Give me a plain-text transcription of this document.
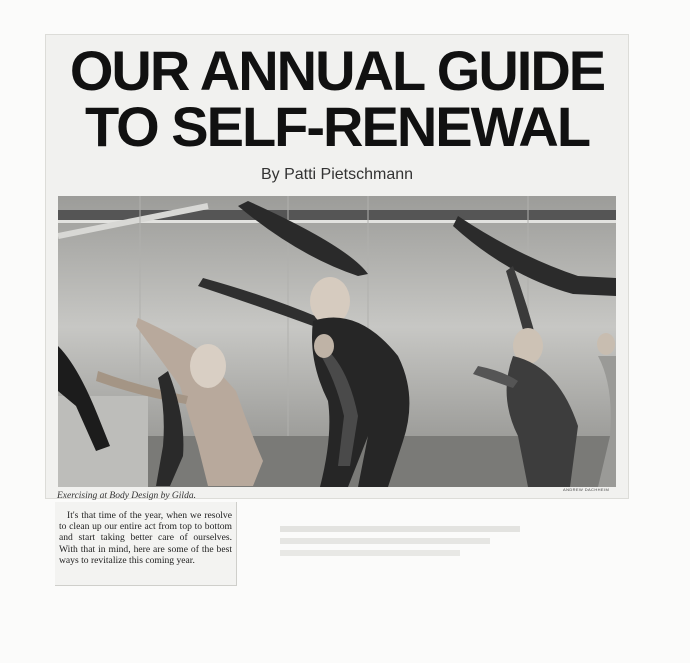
OUR ANNUAL GUIDE
TO SELF-RENEWAL
By Patti Pietschmann
ANDREW DACHHEIM
Exercising at Body Design by Gilda.

It's that time of the year, when we resolve to clean up our entire act from top to bottom and start taking better care of ourselves. With that in mind, here are some of the best ways to revitalize this coming year.
